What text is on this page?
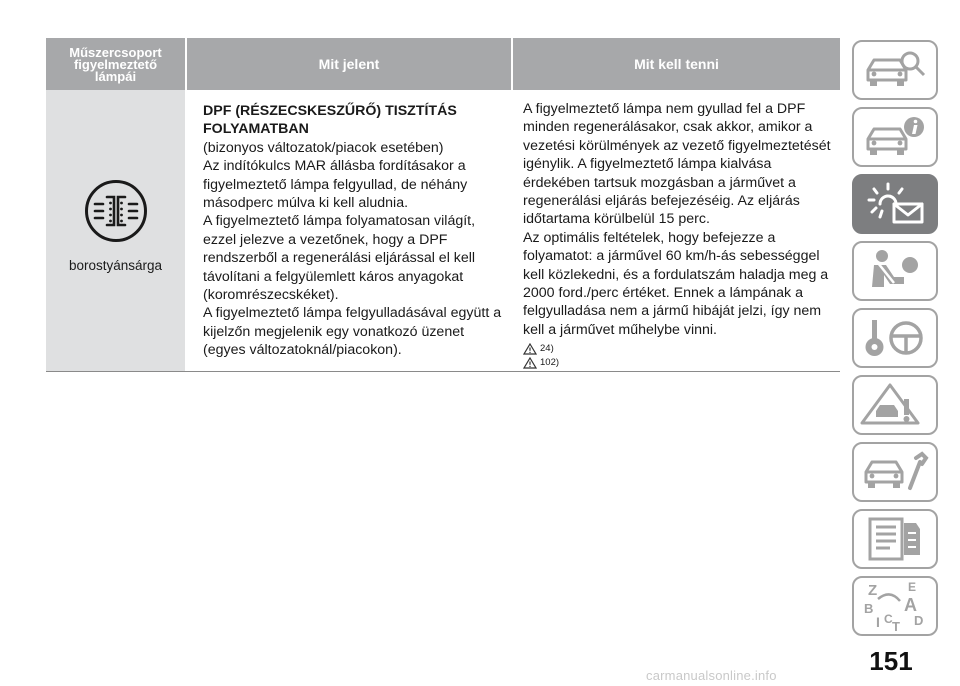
Műszercsoport
figyelmeztető
lámpái
Mit jelent	Mit kell tenni
borostyánsárga
DPF (RÉSZECSKESZŰRŐ) TISZTÍTÁS FOLYAMATBAN
(bizonyos változatok/piacok esetében)
Az indítókulcs MAR állásba fordításakor a figyelmeztető lámpa felgyullad, de néhány másodperc múlva ki kell aludnia.
A figyelmeztető lámpa folyamatosan világít, ezzel jelezve a vezetőnek, hogy a DPF rendszerből a regenerálási eljárással el kell távolítani a felgyülemlett káros anyagokat (koromrészecskéket).
A figyelmeztető lámpa felgyulladásával együtt a kijelzőn megjelenik egy vonatkozó üzenet (egyes változatoknál/piacokon).
A figyelmeztető lámpa nem gyullad fel a DPF minden regenerálásakor, csak akkor, amikor a vezetési körülmények az vezető figyelmeztetését igénylik. A figyelmeztető lámpa kialvása érdekében tartsuk mozgásban a járművet a regenerálási eljárás befejezéséig. Az eljárás időtartama körülbelül 15 perc.
Az optimális feltételek, hogy befejezze a folyamatot: a járművel 60 km/h-ás sebességgel kell közlekedni, és a fordulatszám haladja meg a 2000 ford./perc értéket. Ennek a lámpának a felgyulladása nem a jármű hibáját jelzi, így nem kell a járművet műhelybe vinni.
24)
102)
Z	E
A
B
I C T D
151
carmanualsonline.info
